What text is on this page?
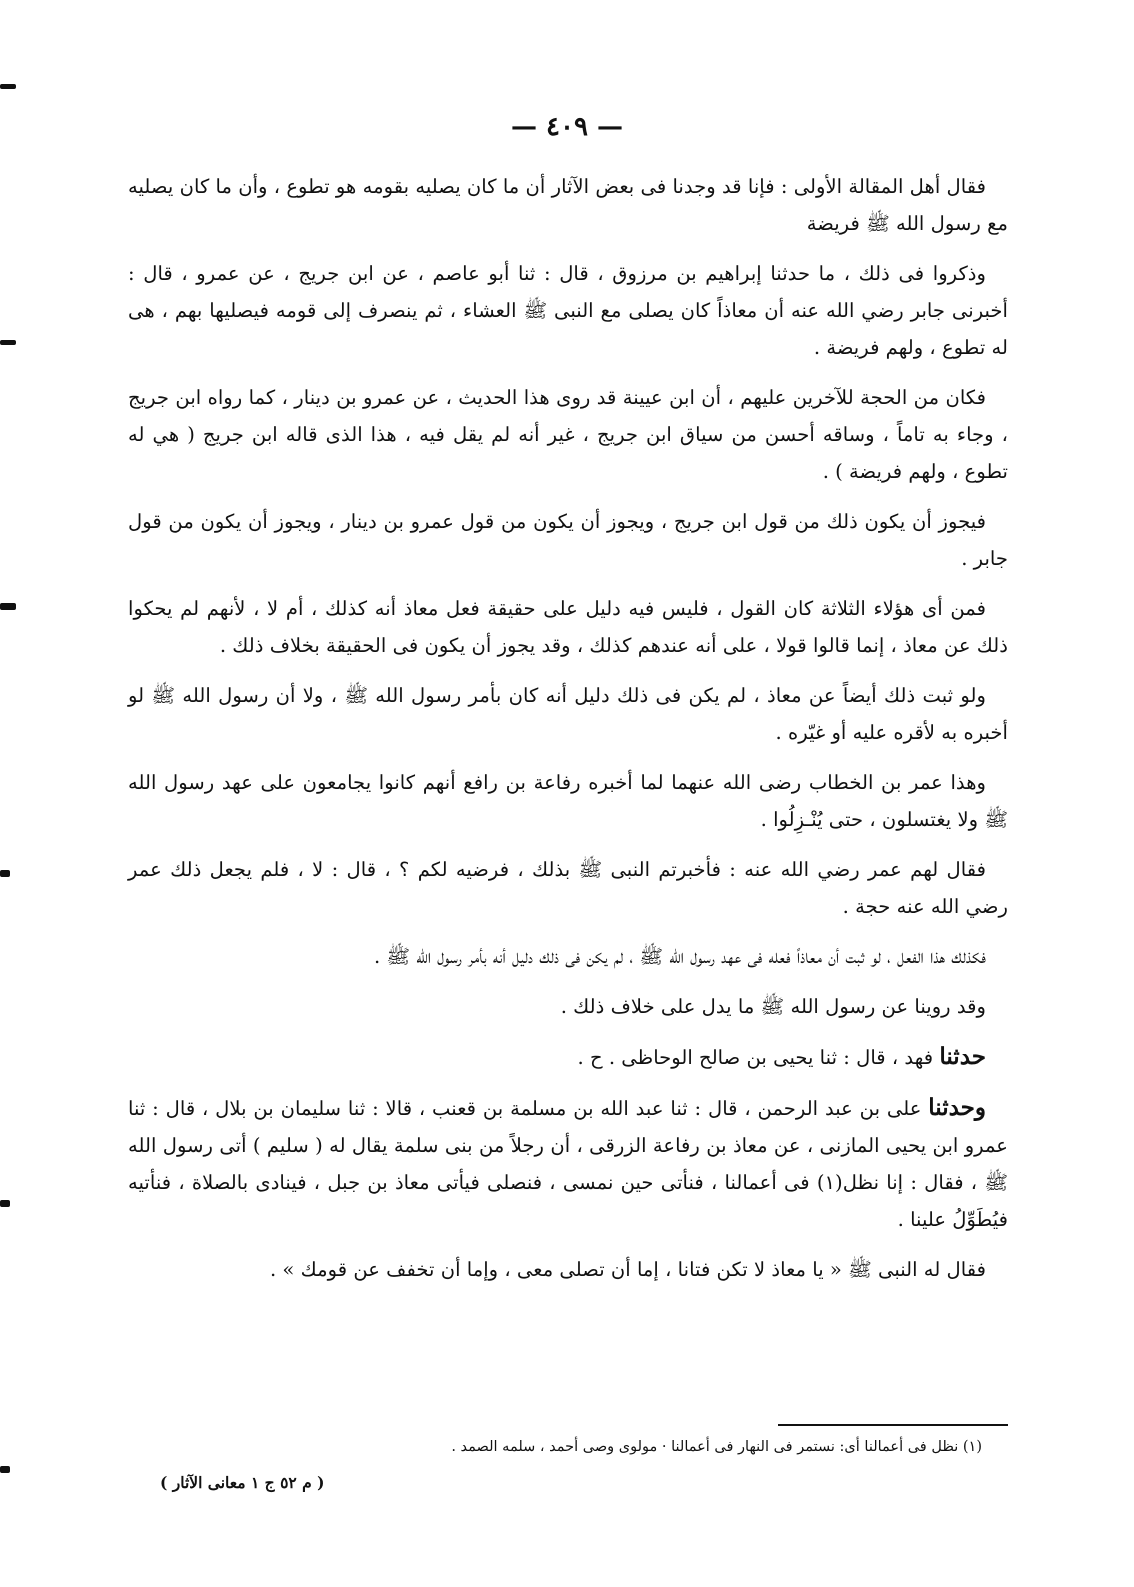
— ٤٠٩ —

فقال أهل المقالة الأولى : فإنا قد وجدنا فى بعض الآثار أن ما كان يصليه بقومه هو تطوع ، وأن ما كان يصليه مع رسول الله ﷺ فريضة

وذكروا فى ذلك ، ما حدثنا إبراهيم بن مرزوق ، قال : ثنا أبو عاصم ، عن ابن جريج ، عن عمرو ، قال : أخبرنى جابر رضي الله عنه أن معاذاً كان يصلى مع النبى ﷺ العشاء ، ثم ينصرف إلى قومه فيصليها بهم ، هى له تطوع ، ولهم فريضة .

فكان من الحجة للآخرين عليهم ، أن ابن عيينة قد روى هذا الحديث ، عن عمرو بن دينار ، كما رواه ابن جريج ، وجاء به تاماً ، وساقه أحسن من سياق ابن جريج ، غير أنه لم يقل فيه ، هذا الذى قاله ابن جريج ( هي له تطوع ، ولهم فريضة ) .

فيجوز أن يكون ذلك من قول ابن جريج ، ويجوز أن يكون من قول عمرو بن دينار ، ويجوز أن يكون من قول جابر .

فمن أى هؤلاء الثلاثة كان القول ، فليس فيه دليل على حقيقة فعل معاذ أنه كذلك ، أم لا ، لأنهم لم يحكوا ذلك عن معاذ ، إنما قالوا قولا ، على أنه عندهم كذلك ، وقد يجوز أن يكون فى الحقيقة بخلاف ذلك .

ولو ثبت ذلك أيضاً عن معاذ ، لم يكن فى ذلك دليل أنه كان بأمر رسول الله ﷺ ، ولا أن رسول الله ﷺ لو أخبره به لأقره عليه أو غيّره .

وهذا عمر بن الخطاب رضى الله عنهما لما أخبره رفاعة بن رافع أنهم كانوا يجامعون على عهد رسول الله ﷺ ولا يغتسلون ، حتى يُنْـزِلُوا .

فقال لهم عمر رضي الله عنه : فأخبرتم النبى ﷺ بذلك ، فرضيه لكم ؟ ، قال : لا ، فلم يجعل ذلك عمر رضي الله عنه حجة .

فكذلك هذا الفعل ، لو ثبت أن معاذاً فعله فى عهد رسول الله ﷺ ، لم يكن فى ذلك دليل أنه بأمر رسول الله ﷺ .

وقد روينا عن رسول الله ﷺ ما يدل على خلاف ذلك .

حدثنا فهد ، قال : ثنا يحيى بن صالح الوحاظى . ح .

وحدثنا على بن عبد الرحمن ، قال : ثنا عبد الله بن مسلمة بن قعنب ، قالا : ثنا سليمان بن بلال ، قال : ثنا عمرو ابن يحيى المازنى ، عن معاذ بن رفاعة الزرقى ، أن رجلاً من بنى سلمة يقال له ( سليم ) أتى رسول الله ﷺ ، فقال : إنا نظل(١) فى أعمالنا ، فنأتى حين نمسى ، فنصلى فيأتى معاذ بن جبل ، فينادى بالصلاة ، فنأتيه فيُطَوِّلُ علينا .

فقال له النبى ﷺ « يا معاذ لا تكن فتانا ، إما أن تصلى معى ، وإما أن تخفف عن قومك » .

(١) نظل فى أعمالنا أى: نستمر فى النهار فى أعمالنا · مولوى وصى أحمد ، سلمه الصمد .
( م ٥٢ ج ١ معانى الآثار )
